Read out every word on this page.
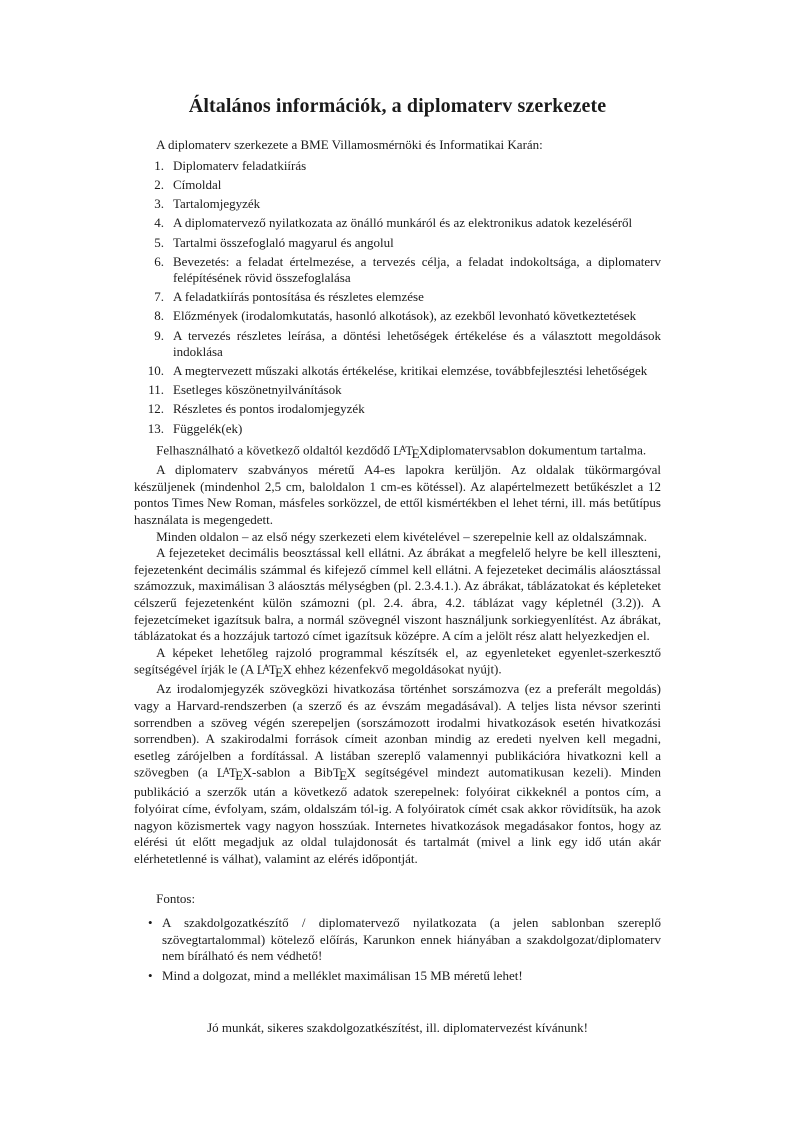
Általános információk, a diplomaterv szerkezete

A diplomaterv szerkezete a BME Villamosmérnöki és Informatikai Karán:

1. Diplomaterv feladatkiírás
2. Címoldal
3. Tartalomjegyzék
4. A diplomatervező nyilatkozata az önálló munkáról és az elektronikus adatok kezeléséről
5. Tartalmi összefoglaló magyarul és angolul
6. Bevezetés: a feladat értelmezése, a tervezés célja, a feladat indokoltsága, a diplomaterv felépítésének rövid összefoglalása
7. A feladatkiírás pontosítása és részletes elemzése
8. Előzmények (irodalomkutatás, hasonló alkotások), az ezekből levonható következtetések
9. A tervezés részletes leírása, a döntési lehetőségek értékelése és a választott megoldások indoklása
10. A megtervezett műszaki alkotás értékelése, kritikai elemzése, továbbfejlesztési lehetőségek
11. Esetleges köszönetnyilvánítások
12. Részletes és pontos irodalomjegyzék
13. Függelék(ek)

Felhasználható a következő oldaltól kezdődő $L^ATEXdiplomatervsablon$ dokumentum tartalma.

A diplomaterv szabványos méretű A4-es lapokra kerüljön. Az oldalak tükörmargóval készüljenek (mindenhol 2,5 cm, baloldalon 1 cm-es kötéssel). Az alapértelmezett betűkészlet a 12 pontos Times New Roman, másfeles sorközzel, de ettől kismértékben el lehet térni, ill. más betűtípus használata is megengedett.

Minden oldalon – az első négy szerkezeti elem kivételével – szerepelnie kell az oldalszámnak.

A fejezeteket decimális beosztással kell ellátni. Az ábrákat a megfelelő helyre be kell illeszteni, fejezetenként decimális számmal és kifejező címmel kell ellátni. A fejezeteket decimális aláosztással számozzuk, maximálisan 3 aláosztás mélységben (pl. 2.3.4.1.). Az ábrákat, táblázatokat és képleteket célszerű fejezetenként külön számozni (pl. 2.4. ábra, 4.2. táblázat vagy képletnél (3.2)). A fejezetcímeket igazítsuk balra, a normál szövegnél viszont használjunk sorkiegyenlítést. Az ábrákat, táblázatokat és a hozzájuk tartozó címet igazítsuk középre. A cím a jelölt rész alatt helyezkedjen el.

A képeket lehetőleg rajzoló programmal készítsék el, az egyenleteket egyenlet-szerkesztő segítségével írják le (A $L^ATEX$ ehhez kézenfekvő megoldásokat nyújt).

Az irodalomjegyzék szövegközi hivatkozása történhet sorszámozva (ez a preferált megoldás) vagy a Harvard-rendszerben (a szerző és az évszám megadásával). A teljes lista névsor szerinti sorrendben a szöveg végén szerepeljen (sorszámozott irodalmi hivatkozások esetén hivatkozási sorrendben). A szakirodalmi források címeit azonban mindig az eredeti nyelven kell megadni, esetleg zárójelben a fordítással. A listában szereplő valamennyi publikációra hivatkozni kell a szövegben (a $L^ATEX$-sablon a BibTEX segítségével mindezt automatikusan kezeli). Minden publikáció a szerzők után a következő adatok szerepelnek: folyóirat cikkeknél a pontos cím, a folyóirat címe, évfolyam, szám, oldalszám tól-ig. A folyóiratok címét csak akkor rövidítsük, ha azok nagyon közismertek vagy nagyon hosszúak. Internetes hivatkozások megadásakor fontos, hogy az elérési út előtt megadjuk az oldal tulajdonosát és tartalmát (mivel a link egy idő után akár elérhetetlenné is válhat), valamint az elérés időpontját.

Fontos:

• A szakdolgozatkészítő / diplomatervező nyilatkozata (a jelen sablonban szereplő szövegtartalommal) kötelező előírás, Karunkon ennek hiányában a szakdolgozat/diplomaterv nem bírálható és nem védhető!
• Mind a dolgozat, mind a melléklet maximálisan 15 MB méretű lehet!

Jó munkát, sikeres szakdolgozatkészítést, ill. diplomatervezést kívánunk!
